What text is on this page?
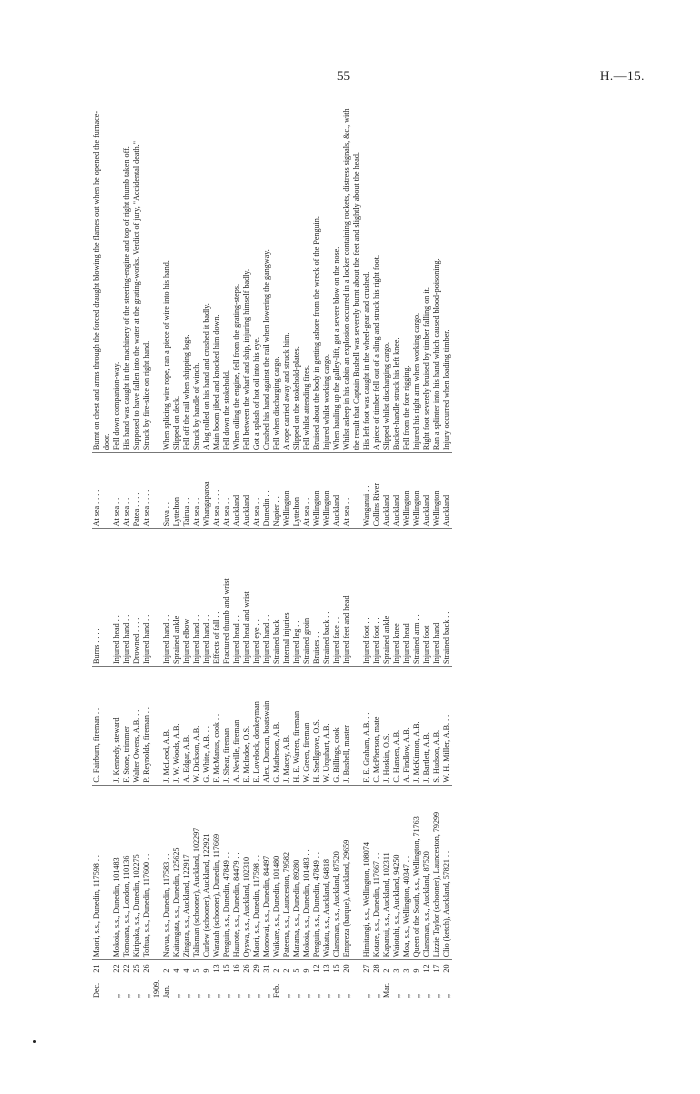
55	H.—15.
Dec.	21	Maori, s.s., Dunedin, 117598 . .	C. Fairburn, fireman . .	Burns . . . .	At sea . . . .	Burnt on chest and arms through the forced draught blowing the flames out when he opened the furnace-door.
,,	22	Mokoia, s.s., Dunedin, 101483	J. Kennedy, steward	Injured head . .	At sea . .	Fell down companion-way.
,,	22	Tomoana, s.s., London, 110136	F. Stone, trimmer	Injured hand . .	At sea . .	His hand was caught in the machinery of the steering-engine and top of right thumb taken off.
,,	25	Kiripaka, s.s., Dunedin, 102275	Walter Owens, A.B. . .	Drowned . . . .	Patea . . . .	Supposed to have fallen into the water at the grating-works. Verdict of jury, "Accidental death."
,,	26	Toftua, s.s., Dunedin, 117600 . .	P. Reynolds, fireman . .	Injured hand . .	At sea . . . .	Struck by fire-slice on right hand.
1909.						
Jan.	2	Navua, s.s., Dunedin, 117583 . .	J. McLeod, A.B.	Injured hand . .	Suva . .	When splicing wire rope, ran a piece of wire into his hand.
,,	4	Kaitangata, s.s., Dunedin, 125625	J. W. Woods, A.B.	Sprained ankle	Lyttelton	Slipped on deck.
,,	4	Zingara, s.s., Auckland, 122917	A. Edgar, A.B.	Injured elbow	Tairua . .	Fell off the rail when shipping logs.
,,	5	Talisman (schooner), Auckland, 102297	W. Dickson, A.B.	Injured hand . .	At sea . .	Struck by handle of winch.
,,	9	Curlew (schooner), Auckland, 122921	G. White, A.B. . .	Injured hand . .	Whangaparoa	A log rolled on his hand and crushed it badly.
,,	13	Waratah (schooner), Dunedin, 117669	F. McManus, cook . .	Effects of fall . .	At sea . . . .	Main boom jibed and knocked him down.
,,	15	Penguin, s.s., Dunedin, 47849 . .	J. Shear, fireman	Fractured thumb and wrist	At sea . .	Fell down the stokehold.
,,	16	Haurote, s.s., Dunedin, 84479 . .	A. Neville, fireman	Injured head . .	Auckland	When oiling the engine, fell from the grating-steps.
,,	26	Oyswa, s.s., Auckland, 102310	E. McIndoe, O.S.	Injured head and wrist	Auckland	Fell between the wharf and ship, injuring himself badly.
,,	29	Maori, s.s., Dunedin, 117598 . .	E. Lovelock, donkeyman	Injured eye . .	At sea . .	Got a splash of hot oil into his eye.
,,	31	Monowai, s.s., Dunedin, 84497	Alex. Duncan, boatswain	Injured hand . .	Dunedin . .	Crushed his hand against the rail when lowering the gangway.
Feb.	2	Waikare, s.s., Dunedin, 101480	G. Matheson, A.B.	Strained back	Napier . .	Fell when discharging cargo.
,,	2	Pateena, s.s., Launceston, 79582	J. Macey, A.B.	Internal injuries	Wellington	A rope carried away and struck him.
,,	5	Marama, s.s., Dunedin, 89280	H. E. Warren, fireman	Injured leg . .	Lyttelton	Slipped on the stokehold-plates.
,,	9	Mokoia, s.s., Dunedin, 101483 . .	W. Green, fireman	Strained groin	At sea . .	Fell whilst attending fires.
,,	12	Penguin, s.s., Dunedin, 47849 . .	H. Snellgrove, O.S.	Bruises . .	Wellington	Bruised about the body in getting ashore from the wreck of the Penguin.
,,	13	Wakatu, s.s., Auckland, 64818	W. Urquhart, A.B.	Strained back . .	Wellington	Injured whilst working cargo.
,,	15	Clansman, s.s., Auckland, 87520	G. Billings, cook	Injured face . .	Auckland	When hauling up the galley-lift, got a severe blow on the nose.
,,	20	Empreza (barque), Auckland, 29659	J. Bushell, master	Injured feet and head	At sea . .	Whilst asleep in his cabin an explosion occurred in a locker containing rockets, distress signals, &c., with the result that Captain Bushell was severely burnt about the feet and slightly about the head.
,,	27	Himitangi, s.s., Wellington, 108074	F. E. Graham, A.B. . .	Injured foot . .	Wanganui . .	His left foot was caught in the wheel-gear and crushed.
,,	28	Kotare, s.s., Dunedin, 117667 . .	C. McPherson, mate	Injured foot . .	Collins River	A piece of timber fell out of a sling and struck his right foot.
Mar.	2	Kapanui, s.s., Auckland, 102311	J. Hoskin, O.S.	Sprained ankle	Auckland	Slipped whilst discharging cargo.
,,	3	Waiotahi, s.s., Auckland, 94250	C. Hansen, A.B.	Injured knee	Auckland	Bucket-handle struck his left knee.
,,	3	Moa, s.s., Wellington, 40347 . .	A. Findlow, A.B.	Injured head	Wellington	Fell from the fore rigging.
,,	9	Queen of the South, s.s., Wellington, 71763	J. McKinnon, A.B.	Strained arm . .	Wellington	Injured his right arm when working cargo.
,,	12	Clansman, s.s., Auckland, 87520	J. Bartlett, A.B.	Injured foot	Auckland	Right foot severely bruised by timber falling on it.
,,	17	Lizzie Taylor (schooner), Launceston, 79299	S. Hudson, A.B.	Injured hand	Wellington	Ran a splinter into his hand which caused blood-poisoning.
,,	20	Clio (ketch), Auckland, 57821 . .	W. H. Miller, A.B. . .	Strained back . .	Auckland	Injury occurred when loading timber.
